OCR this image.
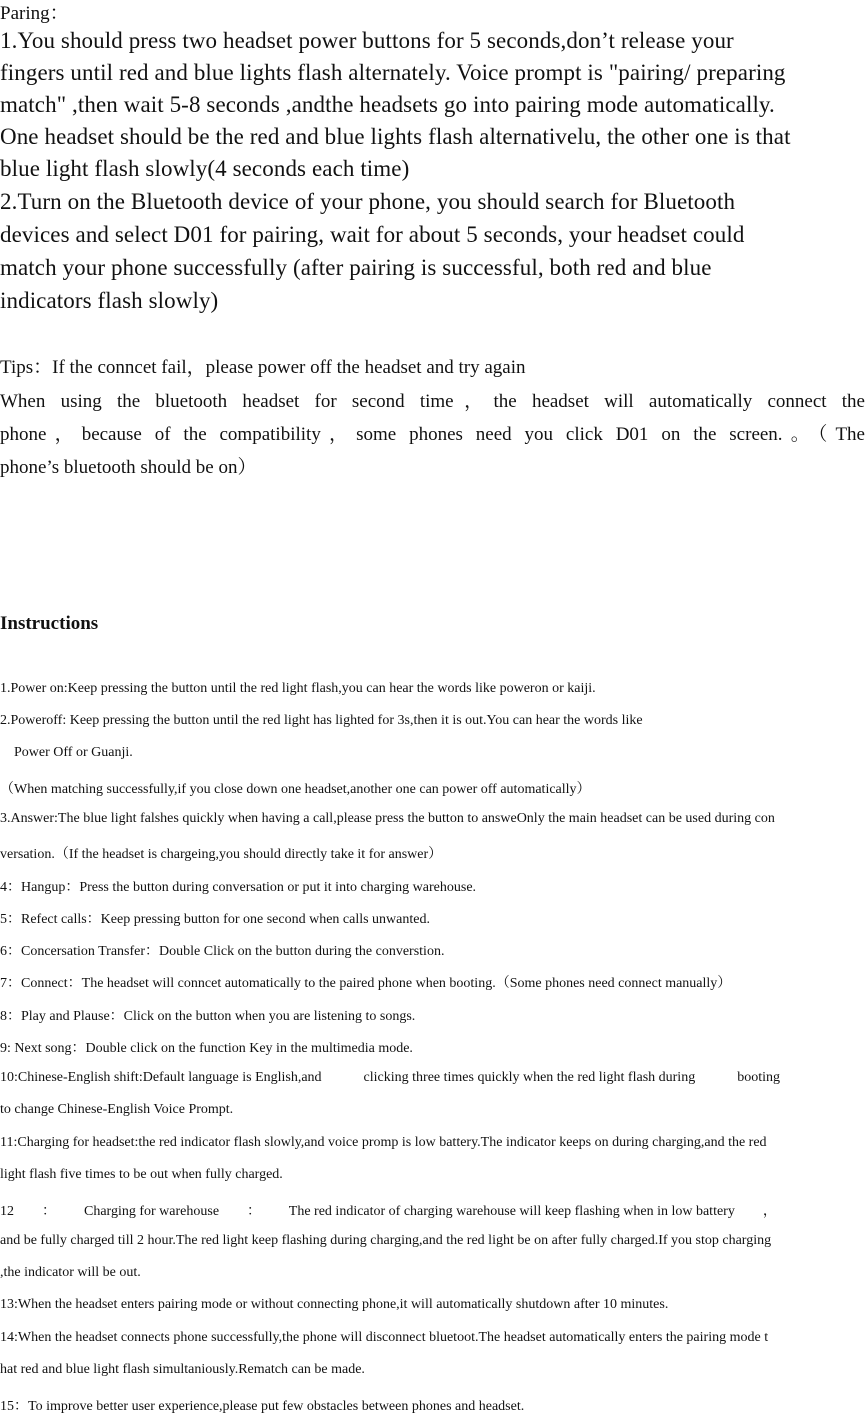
Paring：
1.You should press two headset power buttons for 5 seconds,don’t release your
fingers until red and blue lights flash alternately. Voice prompt is "pairing/ preparing
match" ,then wait 5-8 seconds ,andthe headsets go into pairing mode automatically.
One headset should be the red and blue lights flash alternativelu, the other one is that
blue light flash slowly(4 seconds each time)
2.Turn on the Bluetooth device of your phone, you should search for Bluetooth
devices and select D01 for pairing, wait for about 5 seconds, your headset could
match your phone successfully (after pairing is successful, both red and blue
indicators flash slowly)
Tips：If the conncet fail，please power off the headset and try again
When using the bluetooth headset for second time，the headset will automatically connect the
phone，because of the compatibility，some phones need you click D01 on the screen.。（The
phone’s bluetooth should be on）
Instructions
1.Power on:Keep pressing the button until the red light flash,you can hear the words like poweron or kaiji.
2.Poweroff: Keep pressing the button until the red light has lighted for 3s,then it is out.You can hear the words like
Power Off or Guanji.
（When matching successfully,if you close down one headset,another one can power off automatically）
3.Answer:The blue light falshes quickly when having a call,please press the button to answeOnly the main headset can be used during con
versation.（If the headset is chargeing,you should directly take it for answer）
4：Hangup：Press the button during conversation or put it into charging warehouse.
5：Refect calls：Keep pressing button for one second when calls unwanted.
6：Concersation Transfer：Double Click on the button during the converstion.
7：Connect：The headset will conncet automatically to the paired phone when booting.（Some phones need connect manually）
8：Play and Plause：Click on the button when you are listening to songs.
9: Next song：Double click on the function Key in the multimedia mode.
10:Chinese-English shift:Default language is English,and            clicking three times quickly when the red light flash during            booting
to change Chinese-English Voice Prompt.
11:Charging for headset:the red indicator flash slowly,and voice promp is low battery.The indicator keeps on during charging,and the red
light flash five times to be out when fully charged.
12        ：        Charging for warehouse        ：        The red indicator of charging warehouse will keep flashing when in low battery        ，
and be fully charged till 2 hour.The red light keep flashing during charging,and the red light be on after fully charged.If you stop charging
,the indicator will be out.
13:When the headset enters pairing mode or without connecting phone,it will automatically shutdown after 10 minutes.
14:When the headset connects phone successfully,the phone will disconnect bluetoot.The headset automatically enters the pairing mode t
hat red and blue light flash simultaniously.Rematch can be made.
15：To improve better user experience,please put few obstacles between phones and headset.
